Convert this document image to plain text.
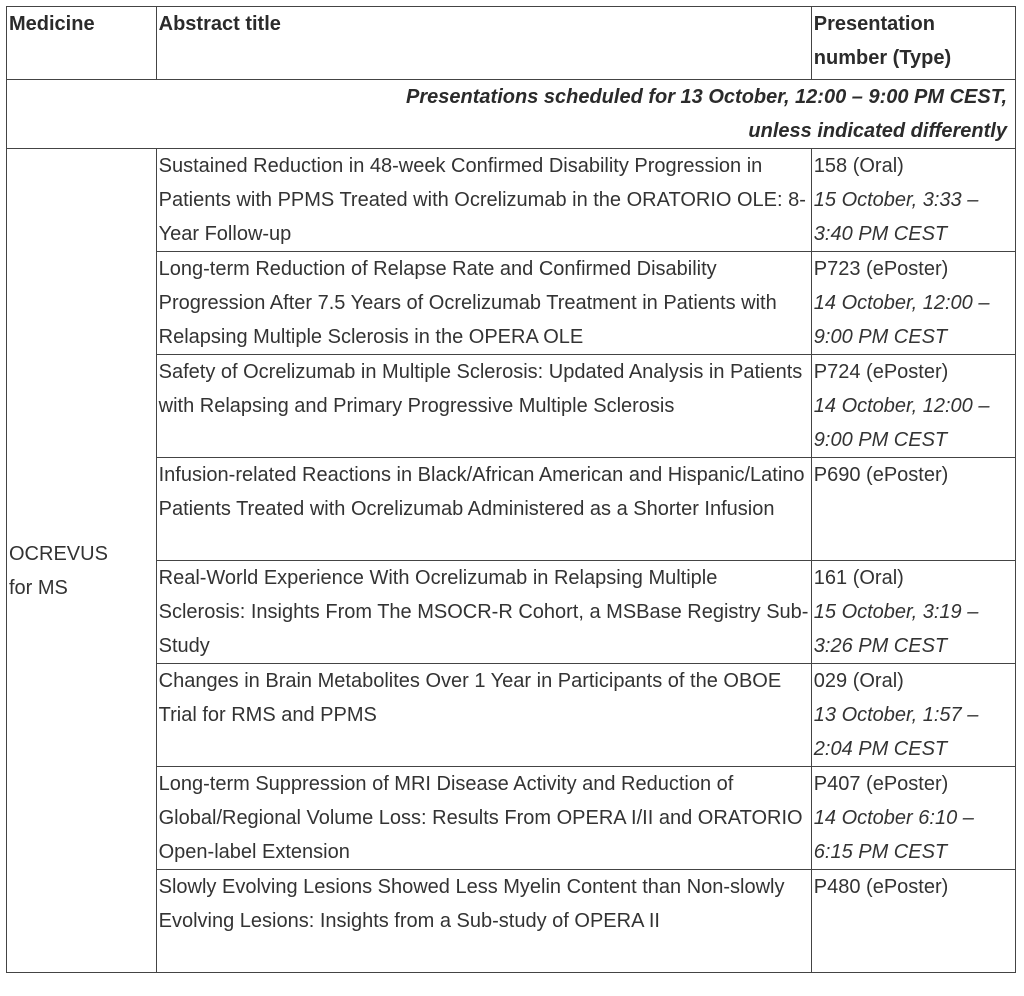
Medicine	Abstract title	Presentation
number (Type)
Presentations scheduled for 13 October, 12:00 – 9:00 PM CEST,
unless indicated differently		
OCREVUS
for MS	Sustained Reduction in 48-week Confirmed Disability Progression in Patients with PPMS Treated with Ocrelizumab in the ORATORIO OLE: 8-Year Follow-up	158 (Oral)
15 October, 3:33 – 3:40 PM CEST

	Long-term Reduction of Relapse Rate and Confirmed Disability Progression After 7.5 Years of Ocrelizumab Treatment in Patients with Relapsing Multiple Sclerosis in the OPERA OLE	P723 (ePoster)
14 October, 12:00 – 9:00 PM CEST

	Safety of Ocrelizumab in Multiple Sclerosis: Updated Analysis in Patients with Relapsing and Primary Progressive Multiple Sclerosis	P724 (ePoster)
14 October, 12:00 – 9:00 PM CEST

	Infusion-related Reactions in Black/African American and Hispanic/Latino Patients Treated with Ocrelizumab Administered as a Shorter Infusion	P690 (ePoster)

	Real-World Experience With Ocrelizumab in Relapsing Multiple Sclerosis: Insights From The MSOCR-R Cohort, a MSBase Registry Sub-Study	161 (Oral)
15 October, 3:19 – 3:26 PM CEST

	Changes in Brain Metabolites Over 1 Year in Participants of the OBOE Trial for RMS and PPMS	029 (Oral)
13 October, 1:57 – 2:04 PM CEST

	Long-term Suppression of MRI Disease Activity and Reduction of Global/Regional Volume Loss: Results From OPERA I/II and ORATORIO Open-label Extension	P407 (ePoster)
14 October 6:10 – 6:15 PM CEST

	Slowly Evolving Lesions Showed Less Myelin Content than Non-slowly Evolving Lesions: Insights from a Sub-study of OPERA II	P480 (ePoster)
